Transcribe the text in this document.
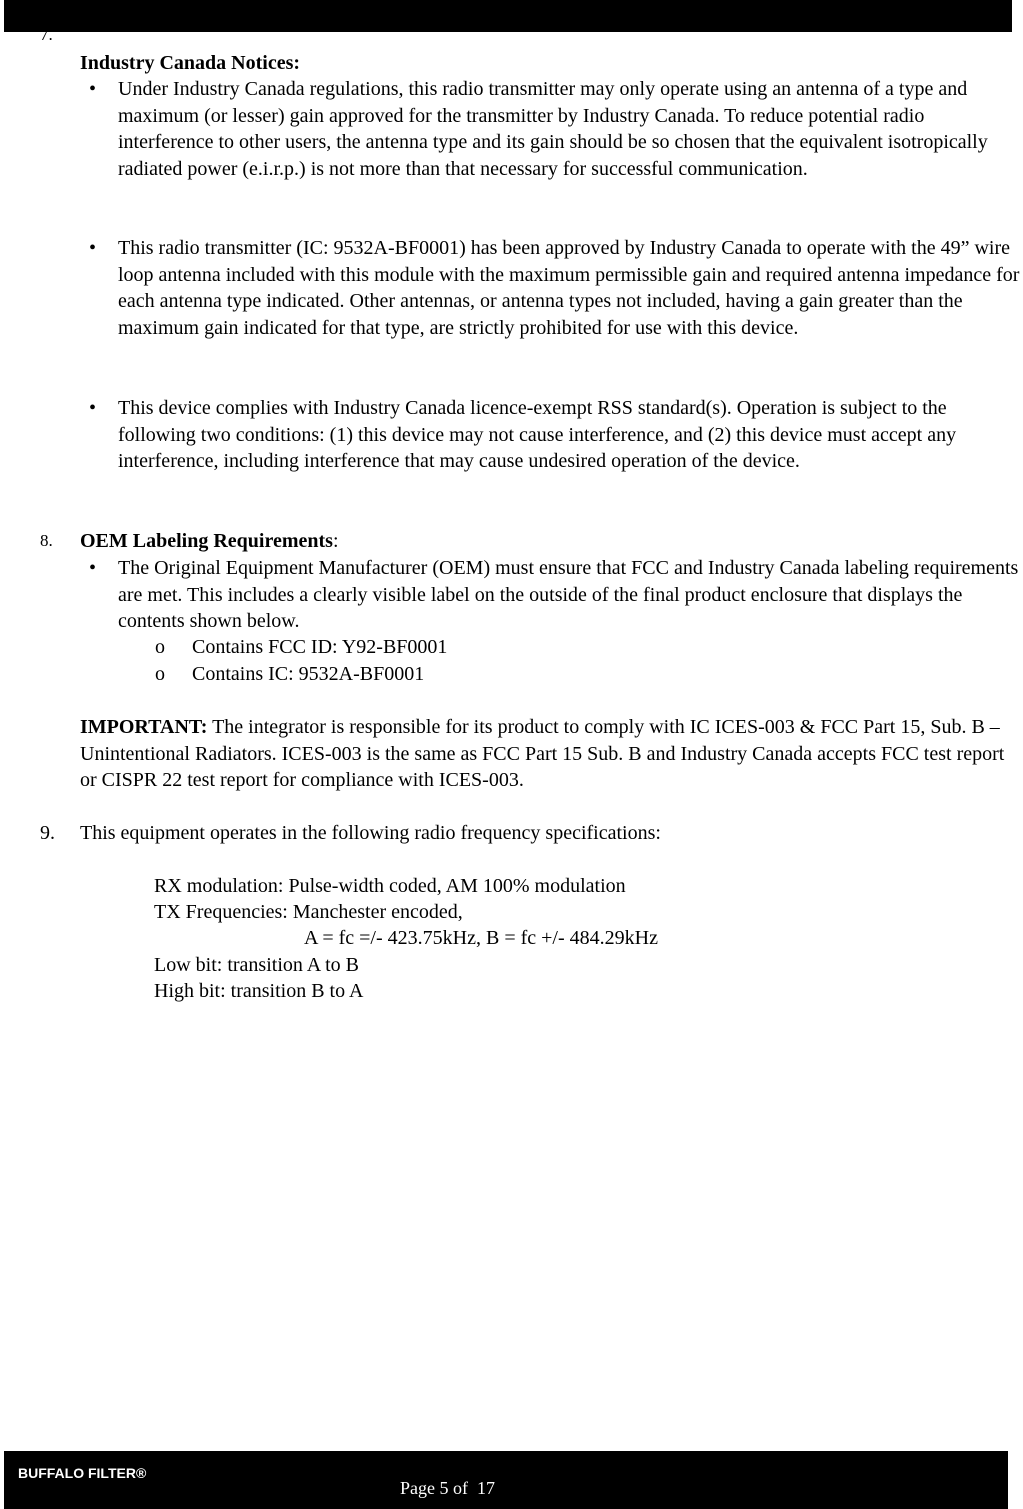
7.
Industry Canada Notices:
• Under Industry Canada regulations, this radio transmitter may only operate using an antenna of a type and maximum (or lesser) gain approved for the transmitter by Industry Canada. To reduce potential radio interference to other users, the antenna type and its gain should be so chosen that the equivalent isotropically radiated power (e.i.r.p.) is not more than that necessary for successful communication.
• This radio transmitter (IC: 9532A-BF0001) has been approved by Industry Canada to operate with the 49” wire loop antenna included with this module with the maximum permissible gain and required antenna impedance for each antenna type indicated. Other antennas, or antenna types not included, having a gain greater than the maximum gain indicated for that type, are strictly prohibited for use with this device.
• This device complies with Industry Canada licence-exempt RSS standard(s). Operation is subject to the following two conditions: (1) this device may not cause interference, and (2) this device must accept any interference, including interference that may cause undesired operation of the device.
8. OEM Labeling Requirements:
• The Original Equipment Manufacturer (OEM) must ensure that FCC and Industry Canada labeling requirements are met. This includes a clearly visible label on the outside of the final product enclosure that displays the contents shown below.
o Contains FCC ID: Y92-BF0001
o Contains IC: 9532A-BF0001
IMPORTANT: The integrator is responsible for its product to comply with IC ICES-003 & FCC Part 15, Sub. B – Unintentional Radiators. ICES-003 is the same as FCC Part 15 Sub. B and Industry Canada accepts FCC test report or CISPR 22 test report for compliance with ICES-003.
9. This equipment operates in the following radio frequency specifications:
RX modulation: Pulse-width coded, AM 100% modulation
TX Frequencies: Manchester encoded,
A = fc =/- 423.75kHz, B = fc +/- 484.29kHz
Low bit: transition A to B
High bit: transition B to A
BUFFALO FILTER®
Page 5 of  17
